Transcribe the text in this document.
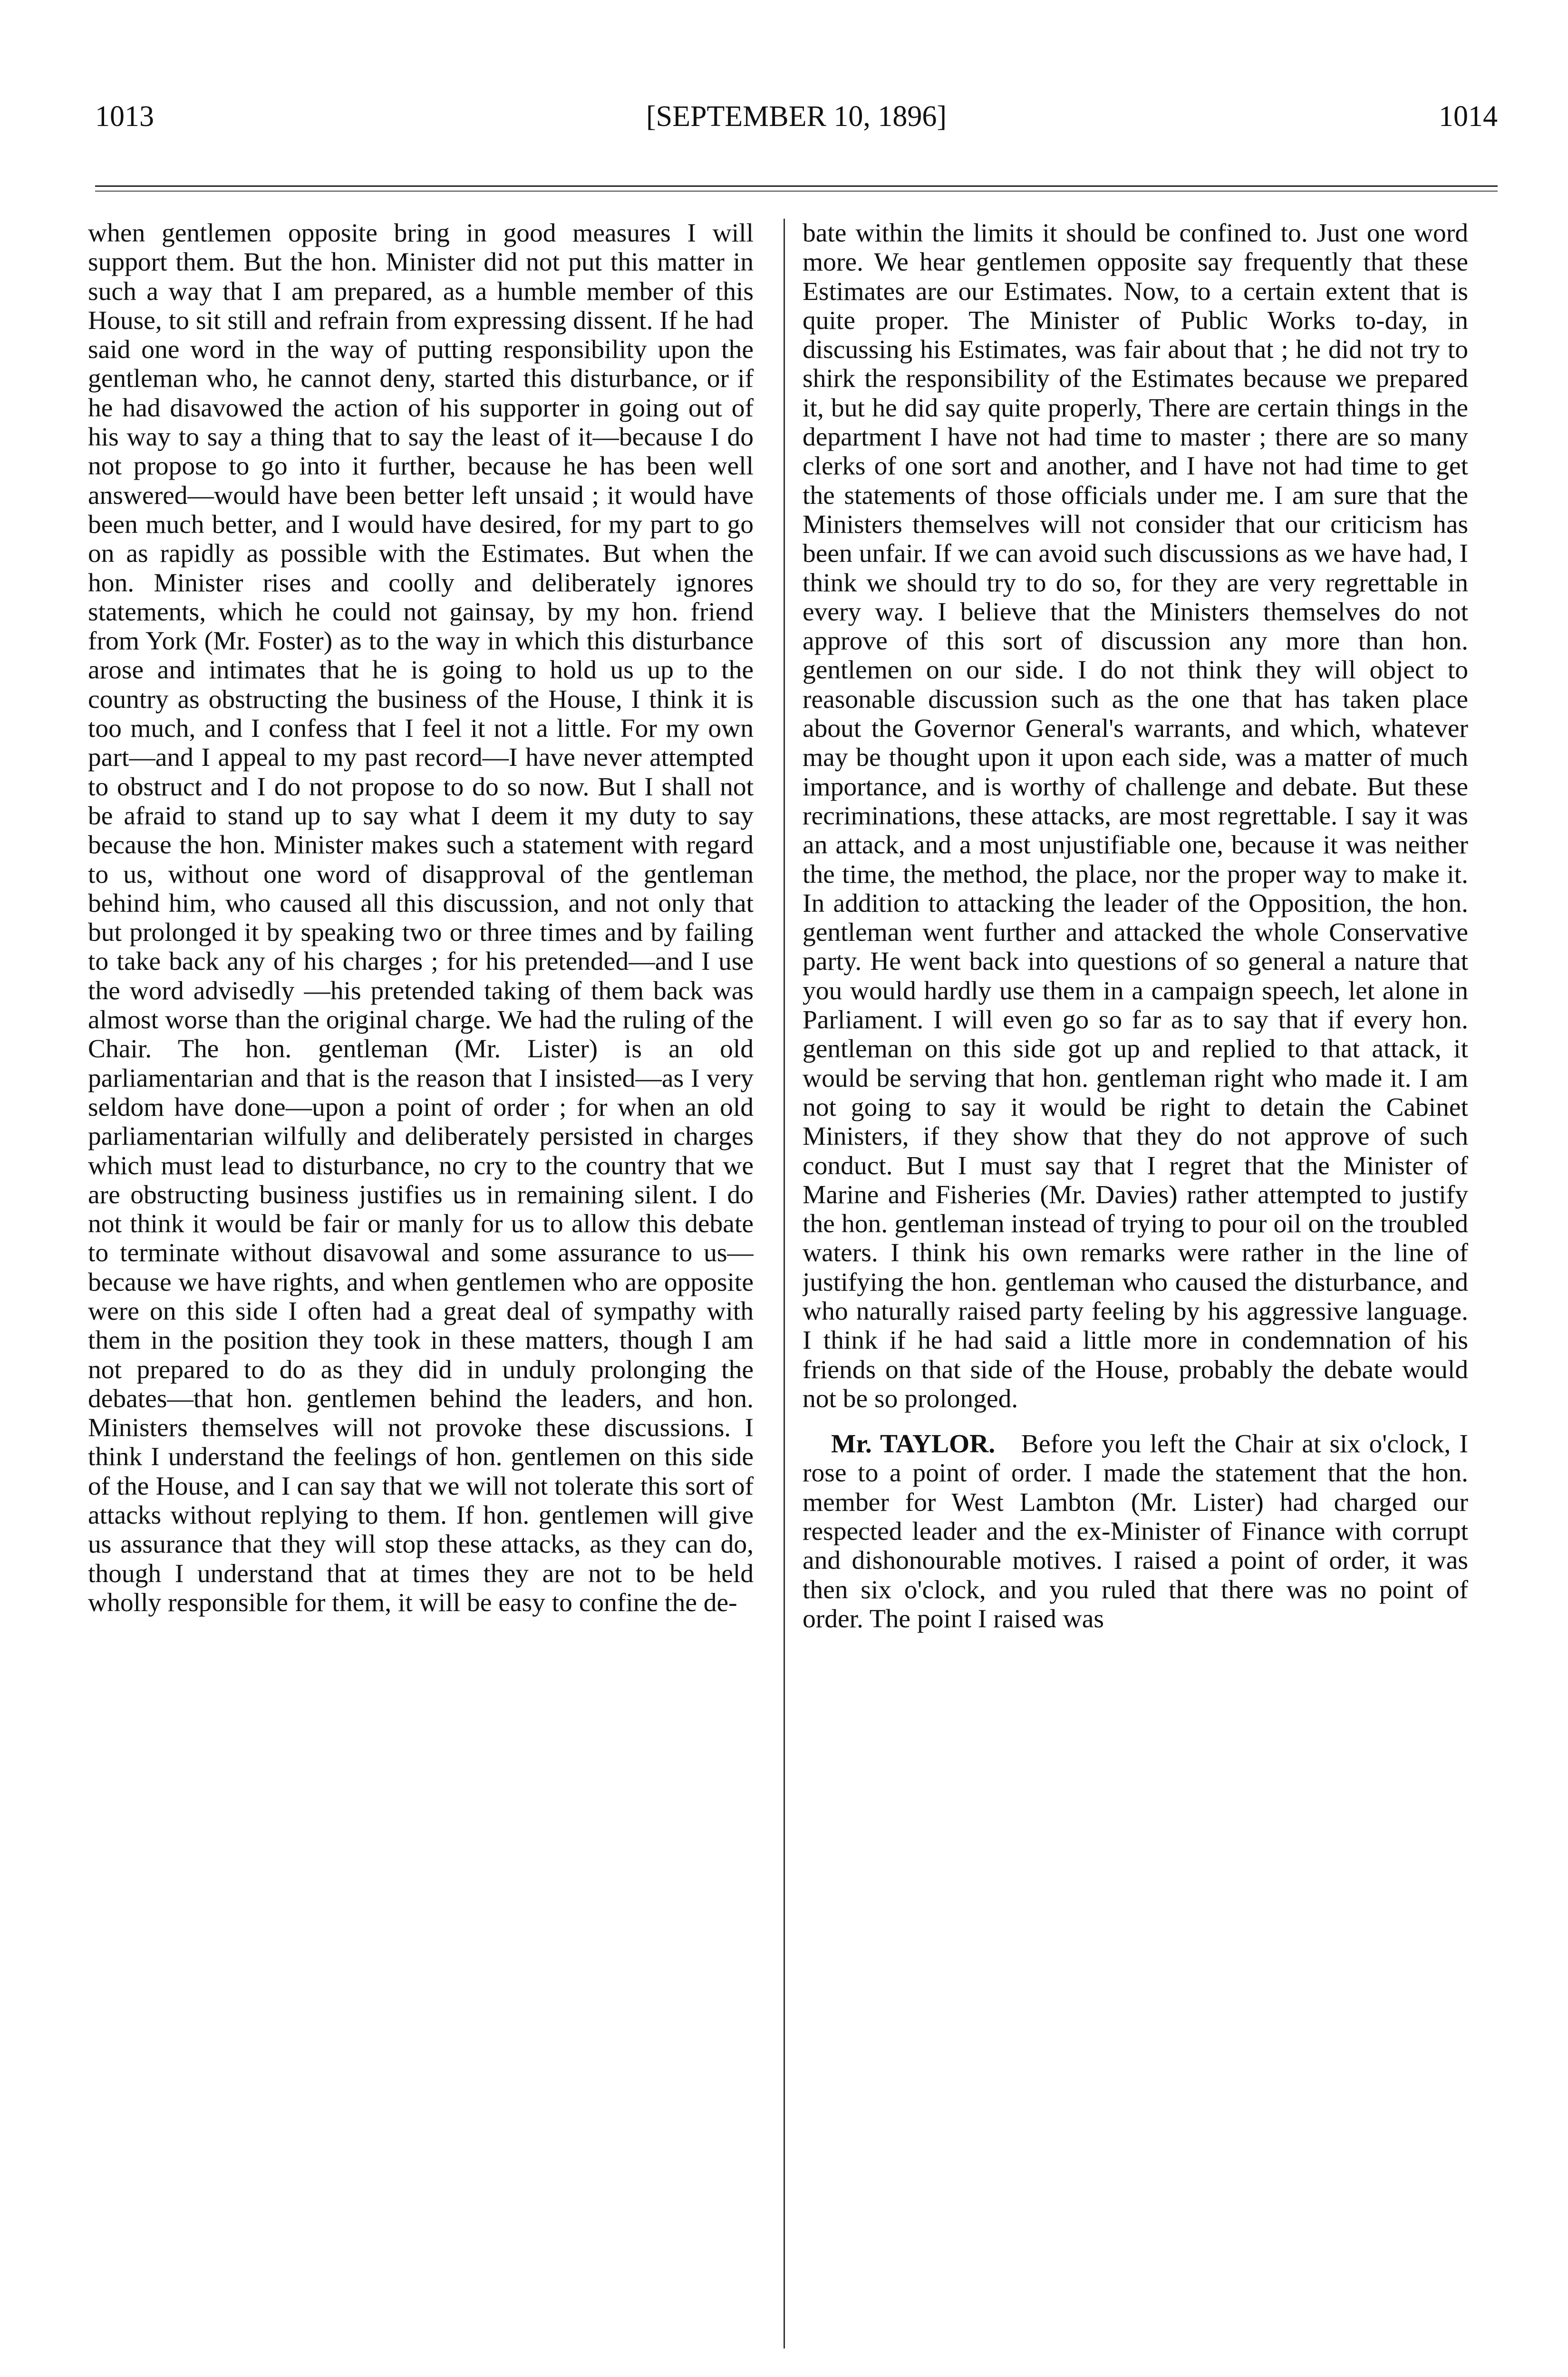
1013	[SEPTEMBER 10, 1896]	1014

when gentlemen opposite bring in good measures I will support them. But the hon. Minister did not put this matter in such a way that I am prepared, as a humble member of this House, to sit still and refrain from expressing dissent. If he had said one word in the way of putting responsibility upon the gentleman who, he cannot deny, started this disturbance, or if he had disavowed the action of his supporter in going out of his way to say a thing that to say the least of it—because I do not propose to go into it further, because he has been well answered—would have been better left unsaid ; it would have been much better, and I would have desired, for my part to go on as rapidly as possible with the Estimates. But when the hon. Minister rises and coolly and deliberately ignores statements, which he could not gainsay, by my hon. friend from York (Mr. Foster) as to the way in which this disturbance arose and intimates that he is going to hold us up to the country as obstructing the business of the House, I think it is too much, and I confess that I feel it not a little. For my own part—and I appeal to my past record—I have never attempted to obstruct and I do not propose to do so now. But I shall not be afraid to stand up to say what I deem it my duty to say because the hon. Minister makes such a statement with regard to us, without one word of disapproval of the gentleman behind him, who caused all this discussion, and not only that but prolonged it by speaking two or three times and by failing to take back any of his charges ; for his pretended—and I use the word advisedly —his pretended taking of them back was almost worse than the original charge. We had the ruling of the Chair. The hon. gentleman (Mr. Lister) is an old parliamentarian and that is the reason that I insisted—as I very seldom have done—upon a point of order ; for when an old parliamentarian wilfully and deliberately persisted in charges which must lead to disturbance, no cry to the country that we are obstructing business justifies us in remaining silent. I do not think it would be fair or manly for us to allow this debate to terminate without disavowal and some assurance to us—because we have rights, and when gentlemen who are opposite were on this side I often had a great deal of sympathy with them in the position they took in these matters, though I am not prepared to do as they did in unduly prolonging the debates—that hon. gentlemen behind the leaders, and hon. Ministers themselves will not provoke these discussions. I think I understand the feelings of hon. gentlemen on this side of the House, and I can say that we will not tolerate this sort of attacks without replying to them. If hon. gentlemen will give us assurance that they will stop these attacks, as they can do, though I understand that at times they are not to be held wholly responsible for them, it will be easy to confine the de-

bate within the limits it should be confined to. Just one word more. We hear gentlemen opposite say frequently that these Estimates are our Estimates. Now, to a certain extent that is quite proper. The Minister of Public Works to-day, in discussing his Estimates, was fair about that ; he did not try to shirk the responsibility of the Estimates because we prepared it, but he did say quite properly, There are certain things in the department I have not had time to master ; there are so many clerks of one sort and another, and I have not had time to get the statements of those officials under me. I am sure that the Ministers themselves will not consider that our criticism has been unfair. If we can avoid such discussions as we have had, I think we should try to do so, for they are very regrettable in every way. I believe that the Ministers themselves do not approve of this sort of discussion any more than hon. gentlemen on our side. I do not think they will object to reasonable discussion such as the one that has taken place about the Governor General's warrants, and which, whatever may be thought upon it upon each side, was a matter of much importance, and is worthy of challenge and debate. But these recriminations, these attacks, are most regrettable. I say it was an attack, and a most unjustifiable one, because it was neither the time, the method, the place, nor the proper way to make it. In addition to attacking the leader of the Opposition, the hon. gentleman went further and attacked the whole Conservative party. He went back into questions of so general a nature that you would hardly use them in a campaign speech, let alone in Parliament. I will even go so far as to say that if every hon. gentleman on this side got up and replied to that attack, it would be serving that hon. gentleman right who made it. I am not going to say it would be right to detain the Cabinet Ministers, if they show that they do not approve of such conduct. But I must say that I regret that the Minister of Marine and Fisheries (Mr. Davies) rather attempted to justify the hon. gentleman instead of trying to pour oil on the troubled waters. I think his own remarks were rather in the line of justifying the hon. gentleman who caused the disturbance, and who naturally raised party feeling by his aggressive language. I think if he had said a little more in condemnation of his friends on that side of the House, probably the debate would not be so prolonged.

Mr. TAYLOR. Before you left the Chair at six o'clock, I rose to a point of order. I made the statement that the hon. member for West Lambton (Mr. Lister) had charged our respected leader and the ex-Minister of Finance with corrupt and dishonourable motives. I raised a point of order, it was then six o'clock, and you ruled that there was no point of order. The point I raised was
